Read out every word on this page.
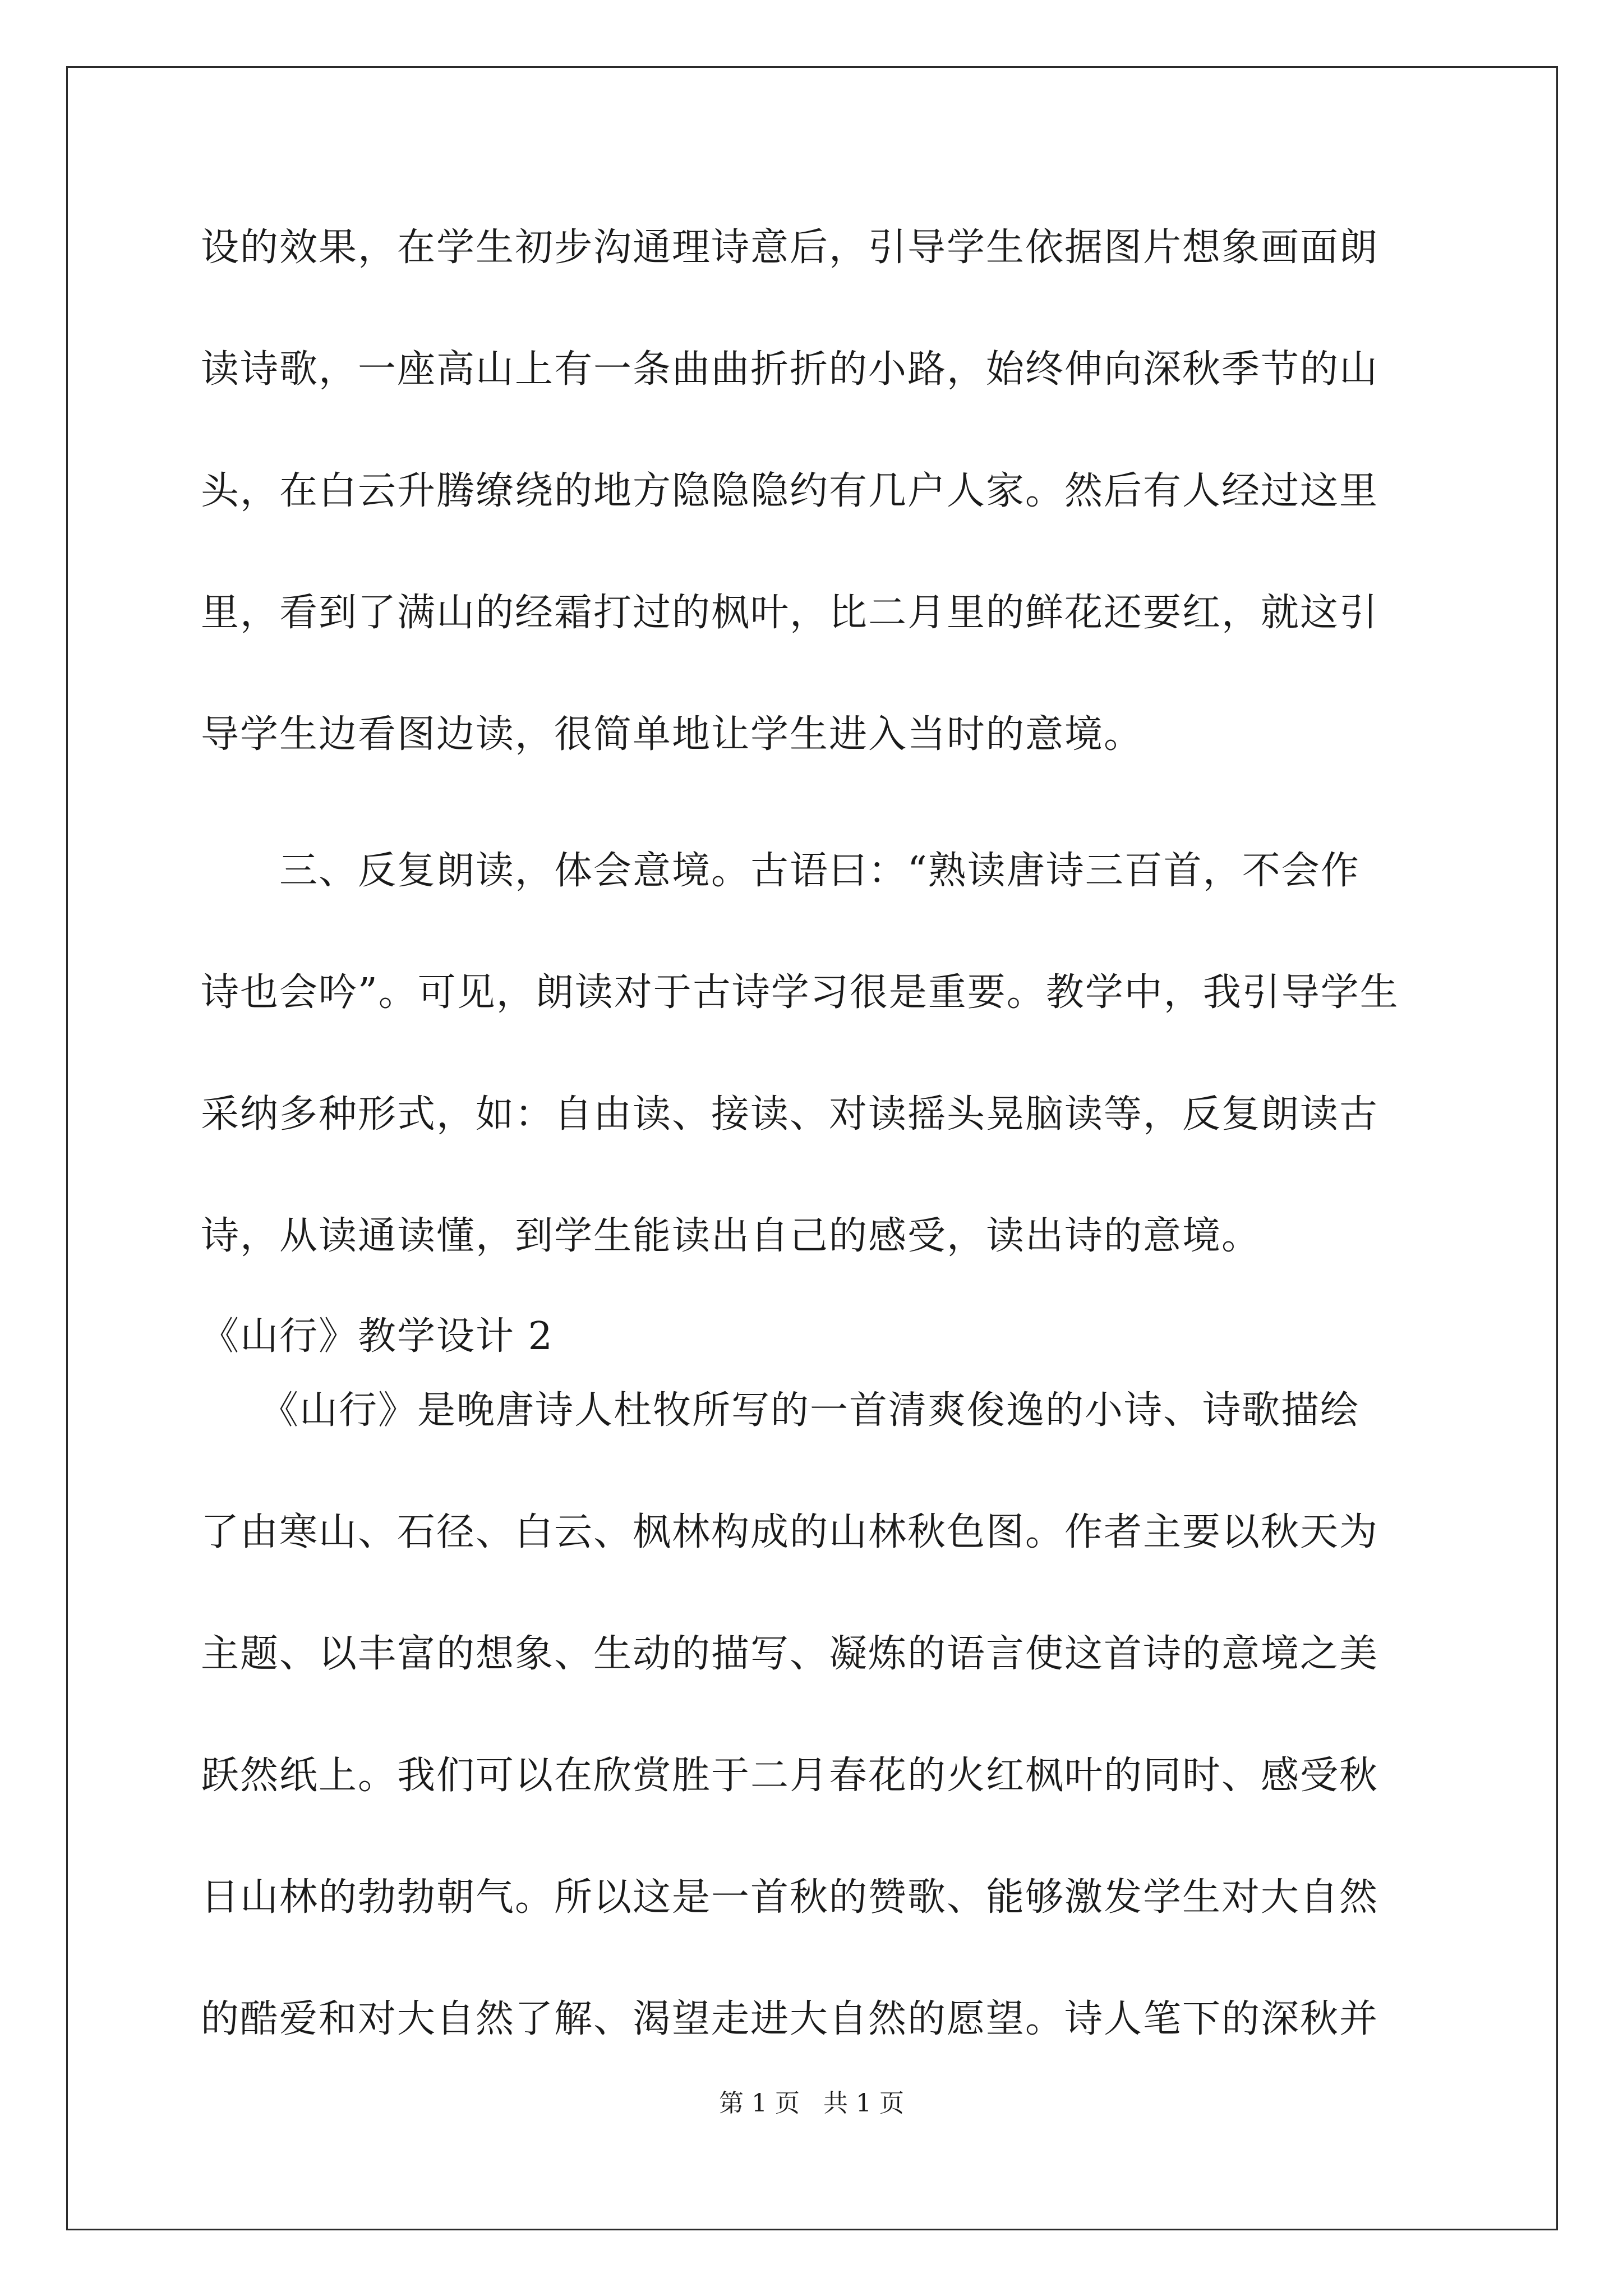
设的效果，在学生初步沟通理诗意后，引导学生依据图片想象画面朗
读诗歌，一座高山上有一条曲曲折折的小路，始终伸向深秋季节的山
头，在白云升腾缭绕的地方隐隐隐约有几户人家。然后有人经过这里
里，看到了满山的经霜打过的枫叶，比二月里的鲜花还要红，就这引
导学生边看图边读，很简单地让学生进入当时的意境。
　　三、反复朗读，体会意境。古语曰：“熟读唐诗三百首，不会作
诗也会吟”。可见，朗读对于古诗学习很是重要。教学中，我引导学生
采纳多种形式，如：自由读、接读、对读摇头晃脑读等，反复朗读古
诗，从读通读懂，到学生能读出自己的感受，读出诗的意境。
《山行》教学设计 2
　　《山行》是晚唐诗人杜牧所写的一首清爽俊逸的小诗、诗歌描绘
了由寒山、石径、白云、枫林构成的山林秋色图。作者主要以秋天为
主题、以丰富的想象、生动的描写、凝炼的语言使这首诗的意境之美
跃然纸上。我们可以在欣赏胜于二月春花的火红枫叶的同时、感受秋
日山林的勃勃朝气。所以这是一首秋的赞歌、能够激发学生对大自然
第 1 页 共 1 页
的酷爱和对大自然了解、渴望走进大自然的愿望。诗人笔下的深秋并
